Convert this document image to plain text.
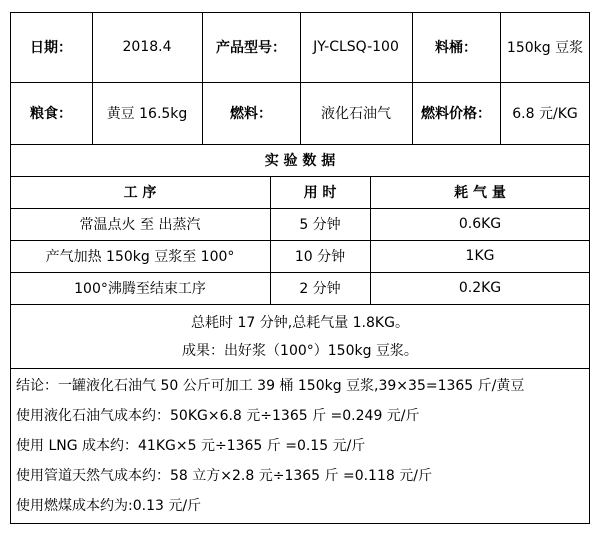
日期：	2018.4	产品型号：	JY-CLSQ-100	料桶：	150kg 豆浆
粮食：	黄豆 16.5kg	燃料：	液化石油气	燃料价格：	6.8 元/KG
实 验 数 据
工 序	用 时	耗 气 量
常温点火 至 出蒸汽	5 分钟	0.6KG
产气加热 150kg 豆浆至 100°	10 分钟	1KG
100°沸腾至结束工序	2 分钟	0.2KG
总耗时 17 分钟,总耗气量 1.8KG。
成果：出好浆（100°）150kg 豆浆。
结论：一罐液化石油气 50 公斤可加工 39 桶 150kg 豆浆,39×35=1365 斤/黄豆
使用液化石油气成本约：50KG×6.8 元÷1365 斤 =0.249 元/斤
使用 LNG 成本约：41KG×5 元÷1365 斤 =0.15 元/斤
使用管道天然气成本约：58 立方×2.8 元÷1365 斤 =0.118 元/斤
使用燃煤成本约为:0.13 元/斤
